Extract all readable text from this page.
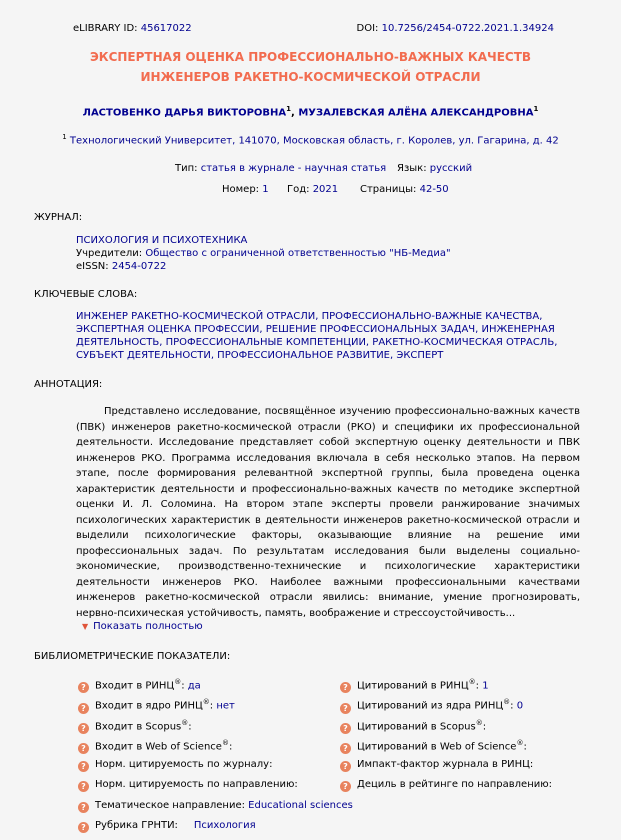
eLIBRARY ID: 45617022	DOI: 10.7256/2454-0722.2021.1.34924
ЭКСПЕРТНАЯ ОЦЕНКА ПРОФЕССИОНАЛЬНО-ВАЖНЫХ КАЧЕСТВ
ИНЖЕНЕРОВ РАКЕТНО-КОСМИЧЕСКОЙ ОТРАСЛИ
ЛАСТОВЕНКО ДАРЬЯ ВИКТОРОВНА$^1$, МУЗАЛЕВСКАЯ АЛЁНА АЛЕКСАНДРОВНА$^1$
$^1$ Технологический Университет, 141070, Московская область, г. Королев, ул. Гагарина, д. 42
Тип: статья в журнале - научная статья Язык: русский
Номер: 1 Год: 2021 Страницы: 42-50
ЖУРНАЛ:
ПСИХОЛОГИЯ И ПСИХОТЕХНИКА
Учредители: Общество с ограниченной ответственностью "НБ-Медиа"
eISSN: 2454-0722
КЛЮЧЕВЫЕ СЛОВА:
ИНЖЕНЕР РАКЕТНО-КОСМИЧЕСКОЙ ОТРАСЛИ, ПРОФЕССИОНАЛЬНО-ВАЖНЫЕ КАЧЕСТВА,
ЭКСПЕРТНАЯ ОЦЕНКА ПРОФЕССИИ, РЕШЕНИЕ ПРОФЕССИОНАЛЬНЫХ ЗАДАЧ, ИНЖЕНЕРНАЯ
ДЕЯТЕЛЬНОСТЬ, ПРОФЕССИОНАЛЬНЫЕ КОМПЕТЕНЦИИ, РАКЕТНО-КОСМИЧЕСКАЯ ОТРАСЛЬ,
СУБЪЕКТ ДЕЯТЕЛЬНОСТИ, ПРОФЕССИОНАЛЬНОЕ РАЗВИТИЕ, ЭКСПЕРТ
АННОТАЦИЯ:
Представлено исследование, посвящённое изучению профессионально-важных качеств (ПВК) инженеров ракетно-космической отрасли (РКО) и специфики их профессиональной деятельности. Исследование представляет собой экспертную оценку деятельности и ПВК инженеров РКО. Программа исследования включала в себя несколько этапов. На первом этапе, после формирования релевантной экспертной группы, была проведена оценка характеристик деятельности и профессионально-важных качеств по методике экспертной оценки И. Л. Соломина. На втором этапе эксперты провели ранжирование значимых психологических характеристик в деятельности инженеров ракетно-космической отрасли и выделили психологические факторы, оказывающие влияние на решение ими профессиональных задач. По результатам исследования были выделены социально-экономические, производственно-технические и психологические характеристики деятельности инженеров РКО. Наиболее важными профессиональными качествами инженеров ракетно-космической отрасли явились: внимание, умение прогнозировать, нервно-психическая устойчивость, память, воображение и стрессоустойчивость...
▼ Показать полностью
БИБЛИОМЕТРИЧЕСКИЕ ПОКАЗАТЕЛИ:
? Входит в РИНЦ®: да
? Входит в ядро РИНЦ®: нет
? Входит в Scopus®:
? Входит в Web of Science®:
? Норм. цитируемость по журналу:
? Норм. цитируемость по направлению:
? Тематическое направление: Educational sciences
? Рубрика ГРНТИ: Психология
? Цитирований в РИНЦ®: 1
? Цитирований из ядра РИНЦ®: 0
? Цитирований в Scopus®:
? Цитирований в Web of Science®:
? Импакт-фактор журнала в РИНЦ:
? Дециль в рейтинге по направлению:
